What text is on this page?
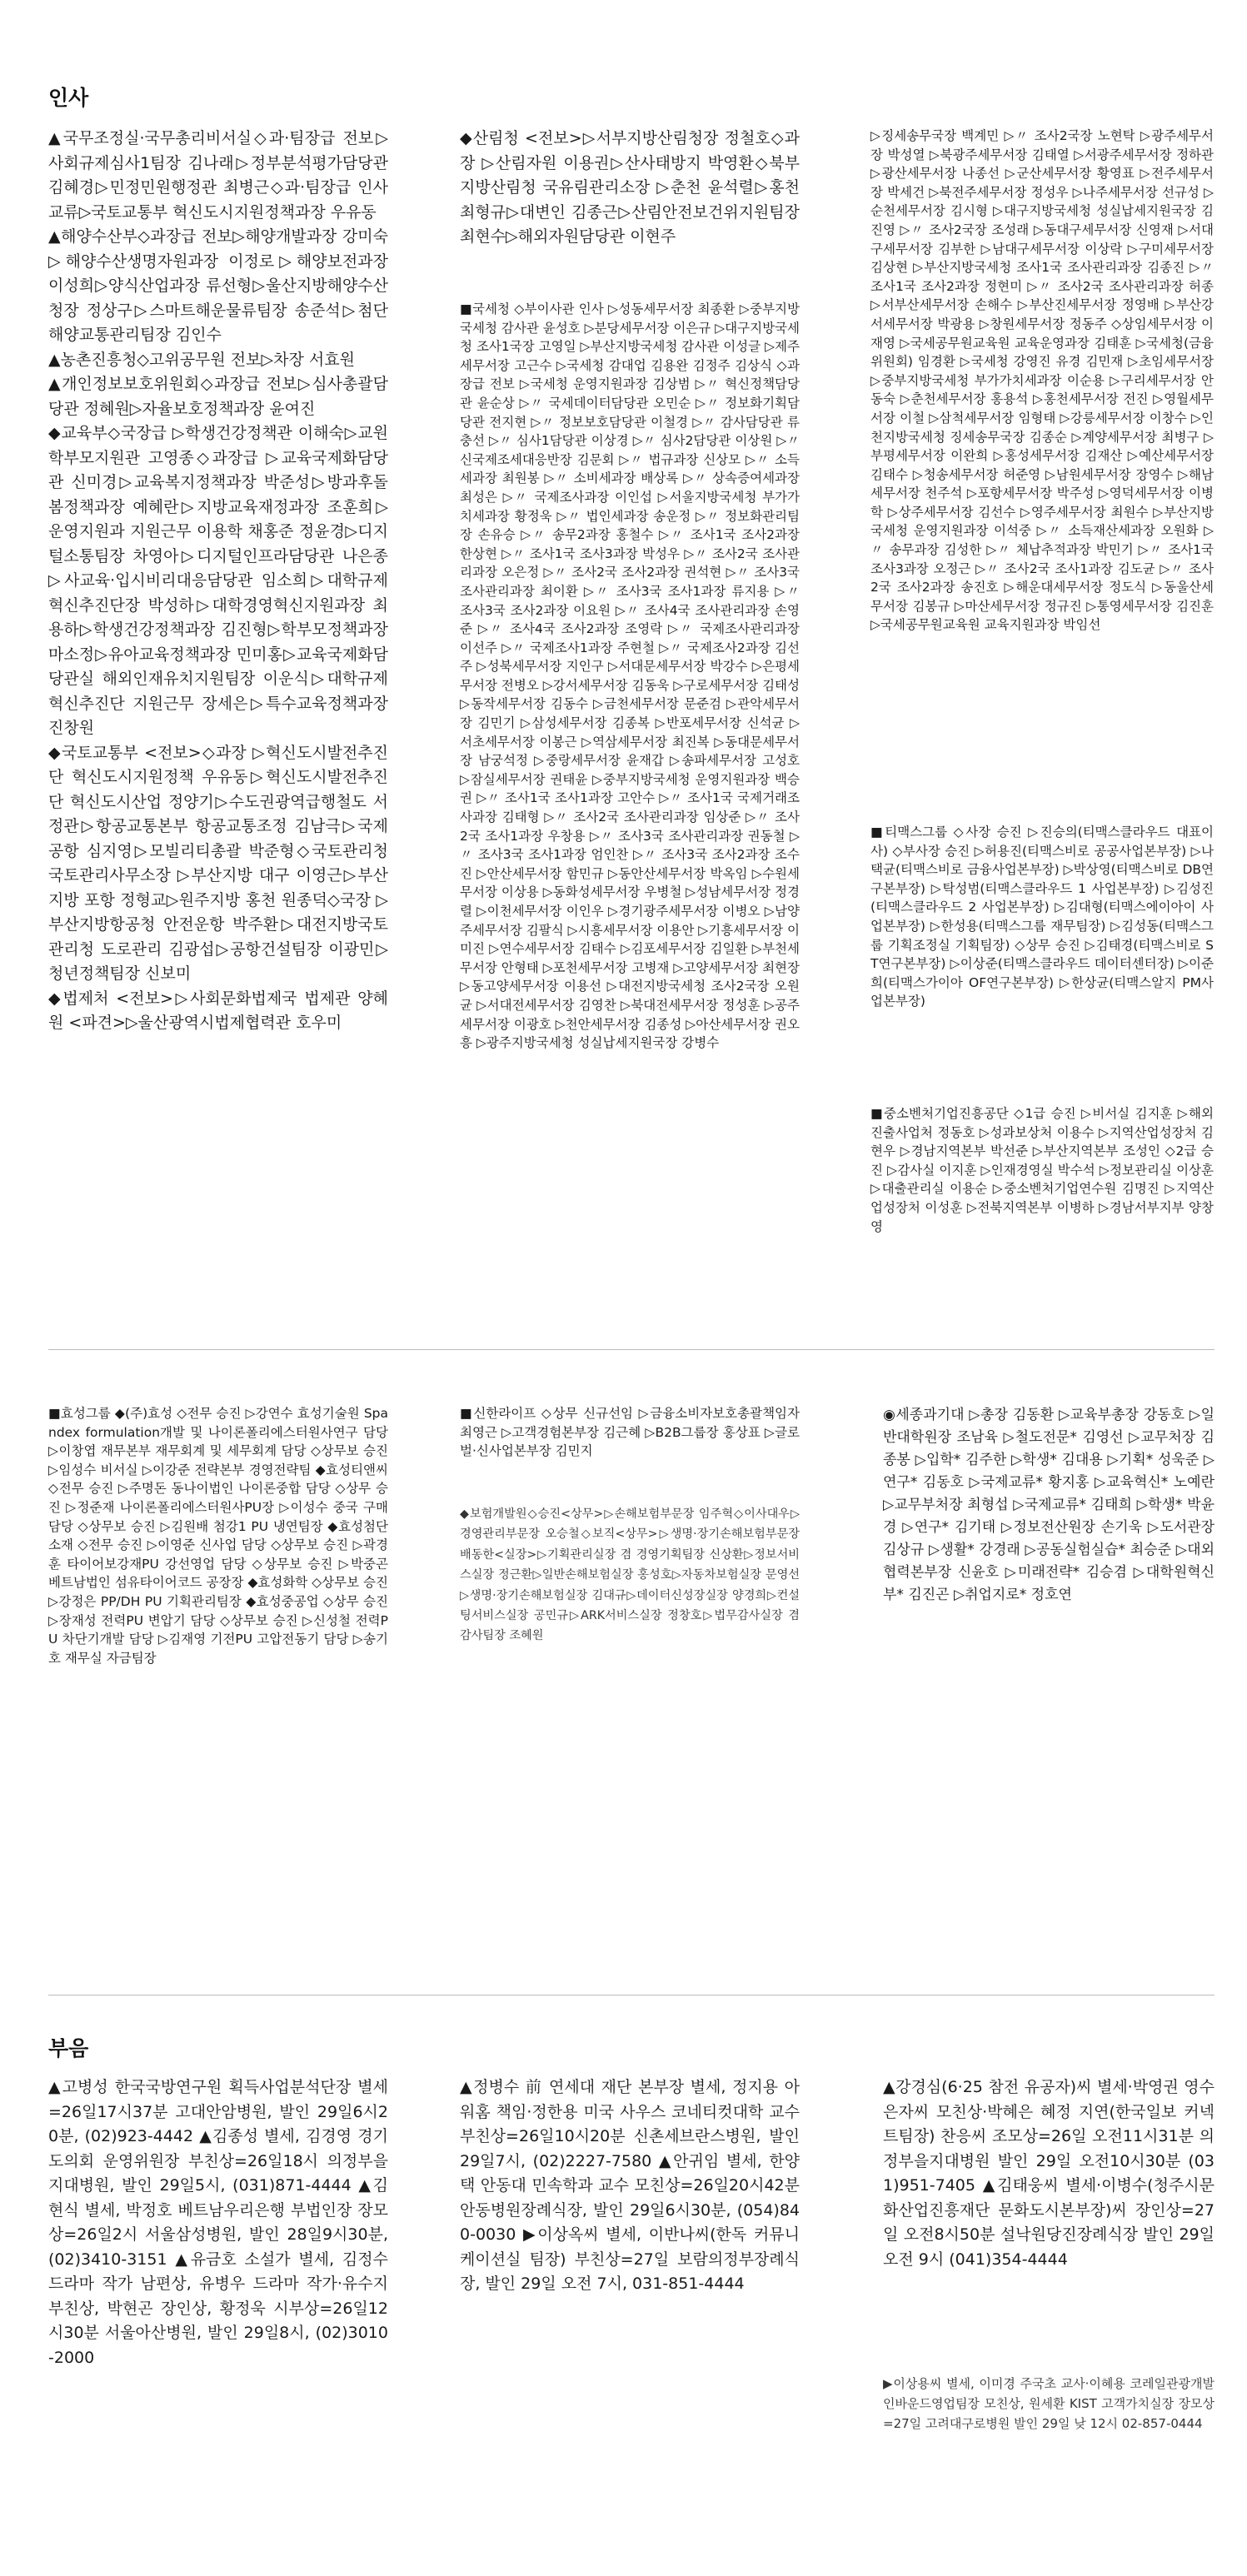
인사

▲국무조정실·국무총리비서실◇과·팀장급 전보▷사회규제심사1팀장 김나래▷정부분석평가담당관 김혜경▷민정민원행정관 최병근◇과·팀장급 인사교류▷국토교통부 혁신도시지원정책과장 우유동

▲해양수산부◇과장급 전보▷해양개발과장 강미숙▷해양수산생명자원과장 이정로▷해양보전과장 이성희▷양식산업과장 류선형▷울산지방해양수산청장 정상구▷스마트해운물류팀장 송준석▷첨단해양교통관리팀장 김인수

▲농촌진흥청◇고위공무원 전보▷차장 서효원

▲개인정보보호위원회◇과장급 전보▷심사총괄담당관 정혜원▷자율보호정책과장 윤여진

◆교육부◇국장급 ▷학생건강정책관 이해숙▷교원학부모지원관 고영종◇과장급 ▷교육국제화담당관 신미경▷교육복지정책과장 박준성▷방과후돌봄정책과장 예혜란▷지방교육재정과장 조훈희▷운영지원과 지원근무 이용학 채홍준 정윤경▷디지털소통팀장 차영아▷디지털인프라담당관 나은종▷사교육·입시비리대응담당관 임소희▷대학규제혁신추진단장 박성하▷대학경영혁신지원과장 최용하▷학생건강정책과장 김진형▷학부모정책과장 마소정▷유아교육정책과장 민미홍▷교육국제화담당관실 해외인재유치지원팀장 이운식▷대학규제혁신추진단 지원근무 장세은▷특수교육정책과장 진창원

◆국토교통부 <전보>◇과장 ▷혁신도시발전추진단 혁신도시지원정책 우유동▷혁신도시발전추진단 혁신도시산업 정양기▷수도권광역급행철도 서정관▷항공교통본부 항공교통조정 김남극▷국제공항 심지영▷모빌리티총괄 박준형◇국토관리청 국토관리사무소장 ▷부산지방 대구 이영근▷부산지방 포항 정형교▷원주지방 홍천 원종덕◇국장 ▷부산지방항공청 안전운항 박주환▷대전지방국토관리청 도로관리 김광섭▷공항건설팀장 이광민▷청년정책팀장 신보미

◆법제처 <전보>▷사회문화법제국 법제관 양혜원 <파견>▷울산광역시법제협력관 호우미

◆산림청 <전보>▷서부지방산림청장 정철호◇과장 ▷산림자원 이용권▷산사태방지 박영환◇북부지방산림청 국유림관리소장 ▷춘천 윤석렬▷홍천 최형규▷대변인 김종근▷산림안전보건위지원팀장 최현수▷해외자원담당관 이현주
■국세청 ◇부이사관 인사 ▷성동세무서장 최종환 ▷중부지방국세청 감사관 윤성호 ▷분당세무서장 이은규 ▷대구지방국세청 조사1국장 고영일 ▷부산지방국세청 감사관 이성글 ▷제주세무서장 고근수 ▷국세청 감대업 김용완 김정주 김상식 ◇과장급 전보 ▷국세청 운영지원과장 김상범 ▷〃 혁신정책담당관 윤순상 ▷〃 국세데이터담당관 오민순 ▷〃 정보화기획담당관 전지현 ▷〃 정보보호담당관 이철경 ▷〃 감사담당관 류충선 ▷〃 심사1담당관 이상경 ▷〃 심사2담당관 이상원 ▷〃 신국제조세대응반장 김문회 ▷〃 법규과장 신상모 ▷〃 소득세과장 최원봉 ▷〃 소비세과장 배상록 ▷〃 상속증여세과장 최성은 ▷〃 국제조사과장 이인섭 ▷서울지방국세청 부가가치세과장 황정욱 ▷〃 법인세과장 송운정 ▷〃 정보화관리팀장 손유승 ▷〃 송무2과장 홍철수 ▷〃 조사1국 조사2과장 한상현 ▷〃 조사1국 조사3과장 박성우 ▷〃 조사2국 조사관리과장 오은정 ▷〃 조사2국 조사2과장 권석현 ▷〃 조사3국 조사관리과장 최이환 ▷〃 조사3국 조사1과장 류지용 ▷〃 조사3국 조사2과장 이요원 ▷〃 조사4국 조사관리과장 손영준 ▷〃 조사4국 조사2과장 조영락 ▷〃 국제조사관리과장 이선주 ▷〃 국제조사1과장 주현철 ▷〃 국제조사2과장 김선주 ▷성북세무서장 지인구 ▷서대문세무서장 박강수 ▷은평세무서장 전병오 ▷강서세무서장 김동욱 ▷구로세무서장 김태성 ▷동작세무서장 김동수 ▷금천세무서장 문준검 ▷관악세무서장 김민기 ▷삼성세무서장 김종복 ▷반포세무서장 신석균 ▷서초세무서장 이봉근 ▷역삼세무서장 최진복 ▷동대문세무서장 남궁석정 ▷중랑세무서장 윤재갑 ▷송파세무서장 고성호 ▷잠실세무서장 권태윤 ▷중부지방국세청 운영지원과장 백승권 ▷〃 조사1국 조사1과장 고안수 ▷〃 조사1국 국제거래조사과장 김태형 ▷〃 조사2국 조사관리과장 임상준 ▷〃 조사2국 조사1과장 우창용 ▷〃 조사3국 조사관리과장 권동철 ▷〃 조사3국 조사1과장 엄인찬 ▷〃 조사3국 조사2과장 조수진 ▷안산세무서장 함민규 ▷동안산세무서장 박옥임 ▷수원세무서장 이상용 ▷동화성세무서장 우병철 ▷성남세무서장 정경렬 ▷이천세무서장 이인우 ▷경기광주세무서장 이병오 ▷남양주세무서장 김팔식 ▷시흥세무서장 이용안 ▷기흥세무서장 이미진 ▷연수세무서장 김태수 ▷김포세무서장 김일환 ▷부천세무서장 안형태 ▷포천세무서장 고병재 ▷고양세무서장 최현장 ▷동고양세무서장 이용선 ▷대전지방국세청 조사2국장 오원균 ▷서대전세무서장 김영찬 ▷북대전세무서장 정성훈 ▷공주세무서장 이광호 ▷천안세무서장 김종성 ▷아산세무서장 권오흥 ▷광주지방국세청 성실납세지원국장 강병수
▷징세송무국장 백계민 ▷〃 조사2국장 노현탁 ▷광주세무서장 박성열 ▷북광주세무서장 김태열 ▷서광주세무서장 정하관 ▷광산세무서장 나종선 ▷군산세무서장 황영표 ▷전주세무서장 박세건 ▷북전주세무서장 정성우 ▷나주세무서장 선규성 ▷순천세무서장 김시형 ▷대구지방국세청 성실납세지원국장 김진영 ▷〃 조사2국장 조성래 ▷동대구세무서장 신영재 ▷서대구세무서장 김부한 ▷남대구세무서장 이상락 ▷구미세무서장 김상현 ▷부산지방국세청 조사1국 조사관리과장 김종진 ▷〃 조사1국 조사2과장 정현미 ▷〃 조사2국 조사관리과장 허종 ▷서부산세무서장 손해수 ▷부산진세무서장 정영배 ▷부산강서세무서장 박광용 ▷창원세무서장 정동주 ◇상임세무서장 이재영 ▷국세공무원교육원 교육운영과장 김태훈 ▷국세청(금융위원회) 임경환 ▷국세청 강영진 유경 김민재 ▷초임세무서장 ▷중부지방국세청 부가가치세과장 이순용 ▷구리세무서장 안동숙 ▷춘천세무서장 홍용석 ▷홍천세무서장 전진 ▷영월세무서장 이철 ▷삼척세무서장 임형태 ▷강릉세무서장 이창수 ▷인천지방국세청 징세송무국장 김종순 ▷계양세무서장 최병구 ▷부평세무서장 이완희 ▷홍성세무서장 김재산 ▷예산세무서장 김태수 ▷청송세무서장 허준영 ▷남원세무서장 장영수 ▷해남세무서장 천주석 ▷포항세무서장 박주성 ▷영덕세무서장 이병학 ▷상주세무서장 김선수 ▷영주세무서장 최원수 ▷부산지방국세청 운영지원과장 이석중 ▷〃 소득재산세과장 오원화 ▷〃 송무과장 김성한 ▷〃 체납추적과장 박민기 ▷〃 조사1국 조사3과장 오정근 ▷〃 조사2국 조사1과장 김도균 ▷〃 조사2국 조사2과장 송진호 ▷해운대세무서장 정도식 ▷동울산세무서장 김봉규 ▷마산세무서장 정규진 ▷통영세무서장 김진훈 ▷국세공무원교육원 교육지원과장 박임선
■티맥스그룹 ◇사장 승진 ▷진승의(티맥스클라우드 대표이사) ◇부사장 승진 ▷허용진(티맥스비로 공공사업본부장) ▷나택균(티맥스비로 금융사업본부장) ▷박상영(티맥스비로 DB연구본부장) ▷탁성범(티맥스클라우드 1 사업본부장) ▷김성진(티맥스클라우드 2 사업본부장) ▷김대형(티맥스에이아이 사업본부장) ▷한성용(티맥스그룹 재무팀장) ▷김성동(티맥스그룹 기획조정실 기획팀장) ◇상무 승진 ▷김태경(티맥스비로 ST연구본부장) ▷이상준(티맥스클라우드 데이터센터장) ▷이준희(티맥스가이아 OF연구본부장) ▷한상균(티맥스알지 PM사업본부장)
■중소벤처기업진흥공단 ◇1급 승진 ▷비서실 김지훈 ▷해외진출사업처 정동호 ▷성과보상처 이용수 ▷지역산업성장처 김현우 ▷경남지역본부 박선준 ▷부산지역본부 조성인 ◇2급 승진 ▷감사실 이지훈 ▷인재경영실 박수석 ▷정보관리실 이상훈 ▷대출관리실 이용순 ▷중소벤처기업연수원 김명진 ▷지역산업성장처 이성훈 ▷전북지역본부 이병하 ▷경남서부지부 양창영
■효성그룹 ◆(주)효성 ◇전무 승진 ▷강연수 효성기술원 Spandex formulation개발 및 나이론폴리에스터원사연구 담당 ▷이창엽 재무본부 재무회계 및 세무회계 담당 ◇상무보 승진 ▷임성수 비서실 ▷이강준 전략본부 경영전략팀 ◆효성티앤씨 ◇전무 승진 ▷주명돈 동나이법인 나이론중합 담당 ◇상무 승진 ▷정준재 나이론폴리에스터원사PU장 ▷이성수 중국 구매 담당 ◇상무보 승진 ▷김원배 첨강1 PU 냉연팀장 ◆효성첨단소재 ◇전무 승진 ▷이영준 신사업 담당 ◇상무보 승진 ▷곽경훈 타이어보강재PU 강선영업 담당 ◇상무보 승진 ▷박중곤 베트남법인 섬유타이어코드 공장장 ◆효성화학 ◇상무보 승진 ▷강정은 PP/DH PU 기획관리팀장 ◆효성중공업 ◇상무 승진 ▷장재성 전력PU 변압기 담당 ◇상무보 승진 ▷신성철 전력PU 차단기개발 담당 ▷김재영 기전PU 고압전동기 담당 ▷송기호 재무실 자금팀장
■신한라이프 ◇상무 신규선임 ▷금융소비자보호총괄책임자 최영근 ▷고객경험본부장 김근혜 ▷B2B그룹장 홍상표 ▷글로벌·신사업본부장 김민지
◆보험개발원◇승진<상무>▷손해보험부문장 임주혁◇이사대우▷경영관리부문장 오승철◇보직<상무>▷생명·장기손해보험부문장 배동한<실장>▷기획관리실장 겸 경영기획팀장 신상환▷정보서비스실장 정근환▷일반손해보험실장 홍성호▷자동차보험실장 문영선▷생명·장기손해보험실장 김대규▷데이터신성장실장 양경희▷컨설팅서비스실장 공민규▷ARK서비스실장 정창호▷법무감사실장 겸 감사팀장 조혜원
◉세종과기대 ▷총장 김동환 ▷교육부총장 강동호 ▷일반대학원장 조남육 ▷철도전문* 김영선 ▷교무처장 김종봉 ▷입학* 김주한 ▷학생* 김대용 ▷기획* 성욱준 ▷연구* 김동호 ▷국제교류* 황지홍 ▷교육혁신* 노예란 ▷교무부처장 최형섭 ▷국제교류* 김태희 ▷학생* 박윤경 ▷연구* 김기태 ▷정보전산원장 손기욱 ▷도서관장 김상규 ▷생활* 강경래 ▷공동실험실습* 최승준 ▷대외협력본부장 신윤호 ▷미래전략* 김승겸 ▷대학원혁신부* 김진곤 ▷취업지로* 정호연
부음
▲고병성 한국국방연구원 획득사업분석단장 별세=26일17시37분 고대안암병원, 발인 29일6시20분, (02)923-4442 ▲김종성 별세, 김경영 경기도의회 운영위원장 부친상=26일18시 의정부을지대병원, 발인 29일5시, (031)871-4444 ▲김현식 별세, 박정호 베트남우리은행 부법인장 장모상=26일2시 서울삼성병원, 발인 28일9시30분, (02)3410-3151 ▲유금호 소설가 별세, 김정수 드라마 작가 남편상, 유병우 드라마 작가·유수지 부친상, 박현곤 장인상, 황정욱 시부상=26일12시30분 서울아산병원, 발인 29일8시, (02)3010-2000
▲정병수 前 연세대 재단 본부장 별세, 정지용 아워홈 책임·정한용 미국 사우스 코네티컷대학 교수 부친상=26일10시20분 신촌세브란스병원, 발인 29일7시, (02)2227-7580 ▲안귀임 별세, 한양택 안동대 민속학과 교수 모친상=26일20시42분 안동병원장례식장, 발인 29일6시30분, (054)840-0030 ▶이상옥씨 별세, 이반나씨(한독 커뮤니케이션실 팀장) 부친상=27일 보람의정부장례식장, 발인 29일 오전 7시, 031-851-4444
▲강경심(6·25 참전 유공자)씨 별세·박영권 영수 은자씨 모친상·박혜은 혜정 지연(한국일보 커넥트팀장) 찬응씨 조모상=26일 오전11시31분 의정부을지대병원 발인 29일 오전10시30분 (031)951-7405 ▲김태웅씨 별세·이병수(청주시문화산업진흥재단 문화도시본부장)씨 장인상=27일 오전8시50분 설낙원당진장례식장 발인 29일 오전 9시 (041)354-4444
▶이상용씨 별세, 이미경 주국초 교사·이혜용 코레일관광개발 인바운드영업팀장 모친상, 원세환 KIST 고객가치실장 장모상=27일 고려대구로병원 발인 29일 낮 12시 02-857-0444
